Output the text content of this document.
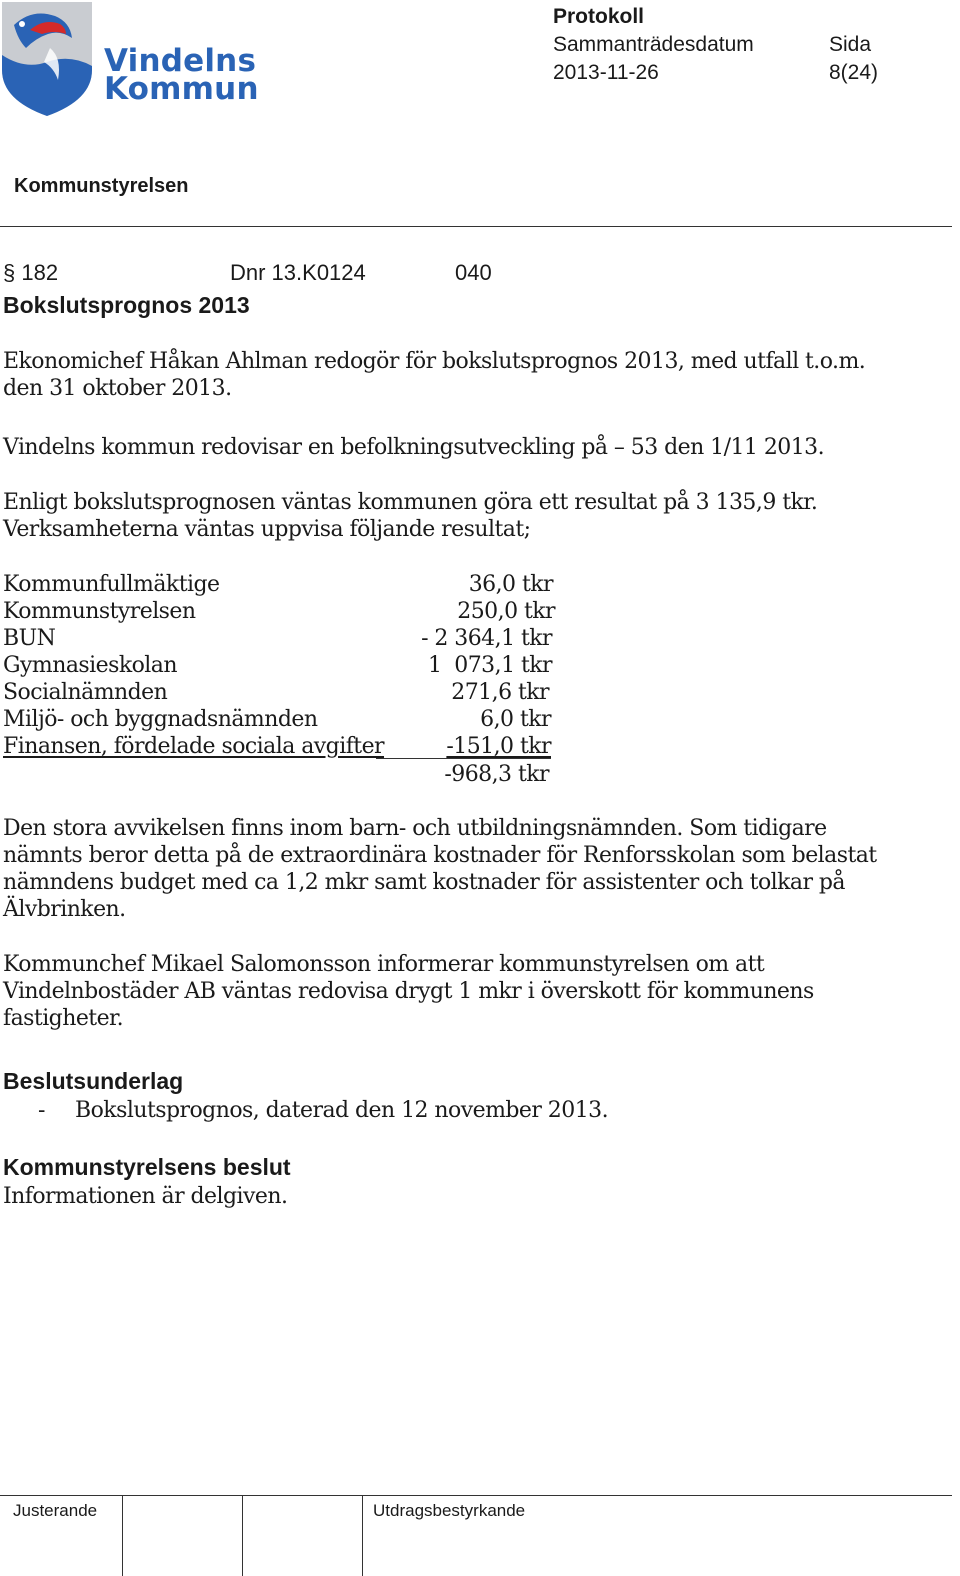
Vindelns
Kommun
Protokoll
Sammanträdesdatum
2013-11-26
Sida
8(24)
Kommunstyrelsen
§ 182	Dnr 13.K0124	040
Bokslutsprognos 2013
Ekonomichef Håkan Ahlman redogör för bokslutsprognos 2013, med utfall t.o.m.
den 31 oktober 2013.
Vindelns kommun redovisar en befolkningsutveckling på – 53 den 1/11 2013.
Enligt bokslutsprognosen väntas kommunen göra ett resultat på 3 135,9 tkr.
Verksamheterna väntas uppvisa följande resultat;
Kommunfullmäktige	36,0 tkr
Kommunstyrelsen	250,0 tkr
BUN	- 2 364,1 tkr
Gymnasieskolan	1  073,1 tkr
Socialnämnden	271,6 tkr
Miljö- och byggnadsnämnden	6,0 tkr
Finansen, fördelade sociala avgifter	-151,0 tkr
-968,3 tkr
Den stora avvikelsen finns inom barn- och utbildningsnämnden. Som tidigare
nämnts beror detta på de extraordinära kostnader för Renforsskolan som belastat
nämndens budget med ca 1,2 mkr samt kostnader för assistenter och tolkar på
Älvbrinken.
Kommunchef Mikael Salomonsson informerar kommunstyrelsen om att
Vindelnbostäder AB väntas redovisa drygt 1 mkr i överskott för kommunens
fastigheter.
Beslutsunderlag
- Bokslutsprognos, daterad den 12 november 2013.
Kommunstyrelsens beslut
Informationen är delgiven.
Justerande	Utdragsbestyrkande
